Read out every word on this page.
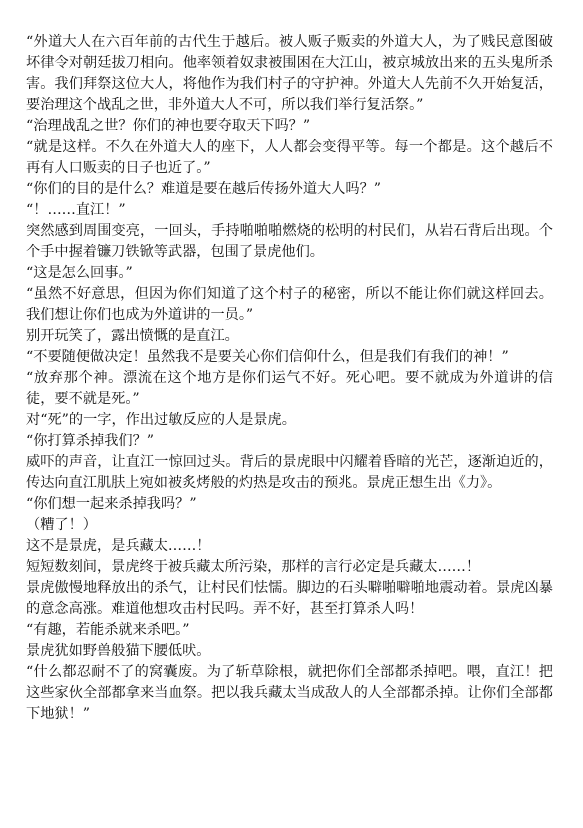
“外道大人在六百年前的古代生于越后。被人贩子贩卖的外道大人，为了贱民意图破坏律令对朝廷拔刀相向。他率领着奴隶被围困在大江山，被京城放出来的五头鬼所杀害。我们拜祭这位大人，将他作为我们村子的守护神。外道大人先前不久开始复活，要治理这个战乱之世，非外道大人不可，所以我们举行复活祭。”

“治理战乱之世？你们的神也要夺取天下吗？”

“就是这样。不久在外道大人的座下，人人都会变得平等。每一个都是。这个越后不再有人口贩卖的日子也近了。”

“你们的目的是什么？难道是要在越后传扬外道大人吗？”

“！……直江！”

突然感到周围变亮，一回头，手持啪啪啪燃烧的松明的村民们，从岩石背后出现。个个手中握着镰刀铁锨等武器，包围了景虎他们。

“这是怎么回事。”

“虽然不好意思，但因为你们知道了这个村子的秘密，所以不能让你们就这样回去。我们想让你们也成为外道讲的一员。”

别开玩笑了，露出愤慨的是直江。

“不要随便做决定！虽然我不是要关心你们信仰什么，但是我们有我们的神！”

“放弃那个神。漂流在这个地方是你们运气不好。死心吧。要不就成为外道讲的信徒，要不就是死。”

对“死”的一字，作出过敏反应的人是景虎。

“你打算杀掉我们？”

威吓的声音，让直江一惊回过头。背后的景虎眼中闪耀着昏暗的光芒，逐渐迫近的，传达向直江肌肤上宛如被炙烤般的灼热是攻击的预兆。景虎正想生出《力》。

“你们想一起来杀掉我吗？”

（糟了！）

这不是景虎，是兵藏太……！

短短数刻间，景虎终于被兵藏太所污染，那样的言行必定是兵藏太……！

景虎傲慢地释放出的杀气，让村民们怯懦。脚边的石头噼啪噼啪地震动着。景虎凶暴的意念高涨。难道他想攻击村民吗。弄不好，甚至打算杀人吗！

“有趣，若能杀就来杀吧。”

景虎犹如野兽般猫下腰低吠。

“什么都忍耐不了的窝囊废。为了斩草除根，就把你们全部都杀掉吧。喂，直江！把这些家伙全部都拿来当血祭。把以我兵藏太当成敌人的人全部都杀掉。让你们全部都下地狱！”
